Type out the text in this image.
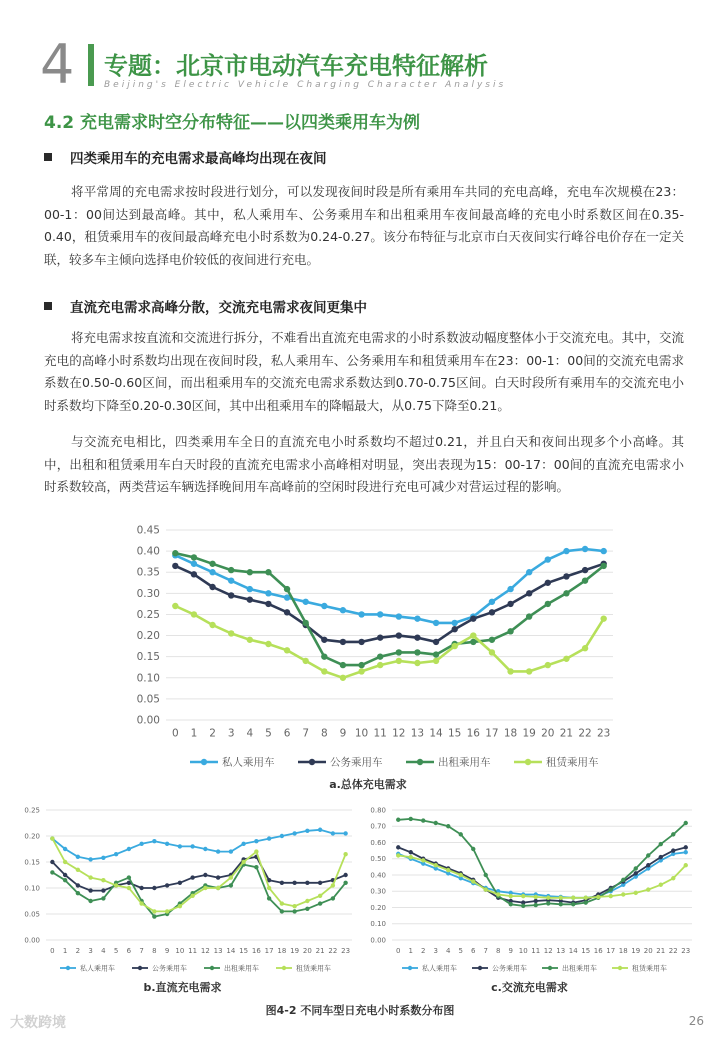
4 专题：北京市电动汽车充电特征解析
Beijing's Electric Vehicle Charging Character Analysis
4.2 充电需求时空分布特征——以四类乘用车为例
四类乘用车的充电需求最高峰均出现在夜间

将平常周的充电需求按时段进行划分，可以发现夜间时段是所有乘用车共同的充电高峰，充电车次规模在23：00-1：00间达到最高峰。其中，私人乘用车、公务乘用车和出租乘用车夜间最高峰的充电小时系数区间在0.35-0.40，租赁乘用车的夜间最高峰充电小时系数为0.24-0.27。该分布特征与北京市白天夜间实行峰谷电价存在一定关联，较多车主倾向选择电价较低的夜间进行充电。

直流充电需求高峰分散，交流充电需求夜间更集中

将充电需求按直流和交流进行拆分，不难看出直流充电需求的小时系数波动幅度整体小于交流充电。其中，交流充电的高峰小时系数均出现在夜间时段，私人乘用车、公务乘用车和租赁乘用车在23：00-1：00间的交流充电需求系数在0.50-0.60区间，而出租乘用车的交流充电需求系数达到0.70-0.75区间。白天时段所有乘用车的交流充电小时系数均下降至0.20-0.30区间，其中出租乘用车的降幅最大，从0.75下降至0.21。

与交流充电相比，四类乘用车全日的直流充电小时系数均不超过0.21，并且白天和夜间出现多个小高峰。其中，出租和租赁乘用车白天时段的直流充电需求小高峰相对明显，突出表现为15：00-17：00间的直流充电需求小时系数较高，两类营运车辆选择晚间用车高峰前的空闲时段进行充电可减少对营运过程的影响。

0.00
0.05
0.10
0.15
0.20
0.25
0.30
0.35
0.40
0.45
0 1 2 3 4 5 6 7 8 9 10 11 12 13 14 15 16 17 18 19 20 21 22 23
私人乘用车	公务乘用车	出租乘用车	租赁乘用车
a.总体充电需求
0.00
0.05
0.10
0.15
0.20
0.25
0 1 2 3 4 5 6 7 8 9 10 11 12 13 14 15 16 17 18 19 20 21 22 23
私人乘用车	公务乘用车	出租乘用车	租赁乘用车
b.直流充电需求
0.00
0.10
0.20
0.30
0.40
0.50
0.60
0.70
0.80
0 1 2 3 4 5 6 7 8 9 10 11 12 13 14 15 16 17 18 19 20 21 22 23
私人乘用车	公务乘用车	出租乘用车	租赁乘用车
c.交流充电需求
图4-2 不同车型日充电小时系数分布图
大数跨境	26
